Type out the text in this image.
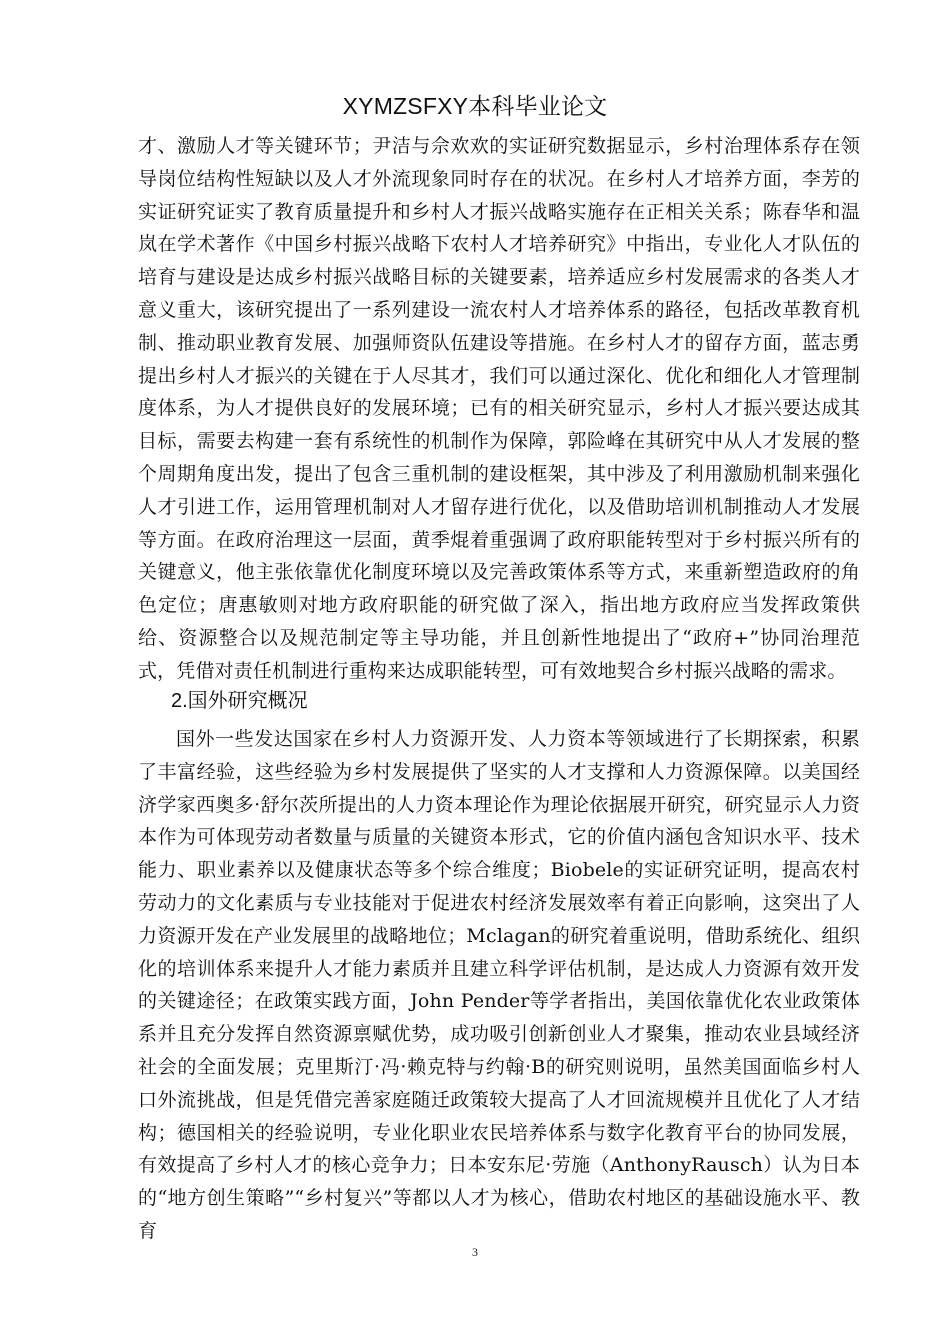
XYMZSFXY本科毕业论文

才、激励人才等关键环节；尹洁与佘欢欢的实证研究数据显示，乡村治理体系存在领导岗位结构性短缺以及人才外流现象同时存在的状况。在乡村人才培养方面，李芳的实证研究证实了教育质量提升和乡村人才振兴战略实施存在正相关关系；陈春华和温岚在学术著作《中国乡村振兴战略下农村人才培养研究》中指出，专业化人才队伍的培育与建设是达成乡村振兴战略目标的关键要素，培养适应乡村发展需求的各类人才意义重大，该研究提出了一系列建设一流农村人才培养体系的路径，包括改革教育机制、推动职业教育发展、加强师资队伍建设等措施。在乡村人才的留存方面，蓝志勇提出乡村人才振兴的关键在于人尽其才，我们可以通过深化、优化和细化人才管理制度体系，为人才提供良好的发展环境；已有的相关研究显示，乡村人才振兴要达成其目标，需要去构建一套有系统性的机制作为保障，郭险峰在其研究中从人才发展的整个周期角度出发，提出了包含三重机制的建设框架，其中涉及了利用激励机制来强化人才引进工作，运用管理机制对人才留存进行优化，以及借助培训机制推动人才发展等方面。在政府治理这一层面，黄季焜着重强调了政府职能转型对于乡村振兴所有的关键意义，他主张依靠优化制度环境以及完善政策体系等方式，来重新塑造政府的角色定位；唐惠敏则对地方政府职能的研究做了深入，指出地方政府应当发挥政策供给、资源整合以及规范制定等主导功能，并且创新性地提出了“政府+”协同治理范式，凭借对责任机制进行重构来达成职能转型，可有效地契合乡村振兴战略的需求。

2.国外研究概况

国外一些发达国家在乡村人力资源开发、人力资本等领域进行了长期探索，积累了丰富经验，这些经验为乡村发展提供了坚实的人才支撑和人力资源保障。以美国经济学家西奥多·舒尔茨所提出的人力资本理论作为理论依据展开研究，研究显示人力资本作为可体现劳动者数量与质量的关键资本形式，它的价值内涵包含知识水平、技术能力、职业素养以及健康状态等多个综合维度；Biobele的实证研究证明，提高农村劳动力的文化素质与专业技能对于促进农村经济发展效率有着正向影响，这突出了人力资源开发在产业发展里的战略地位；Mclagan的研究着重说明，借助系统化、组织化的培训体系来提升人才能力素质并且建立科学评估机制，是达成人力资源有效开发的关键途径；在政策实践方面，John Pender等学者指出，美国依靠优化农业政策体系并且充分发挥自然资源禀赋优势，成功吸引创新创业人才聚集，推动农业县域经济社会的全面发展；克里斯汀·冯·赖克特与约翰·B的研究则说明，虽然美国面临乡村人口外流挑战，但是凭借完善家庭随迁政策较大提高了人才回流规模并且优化了人才结构；德国相关的经验说明，专业化职业农民培养体系与数字化教育平台的协同发展，有效提高了乡村人才的核心竞争力；日本安东尼·劳施（AnthonyRausch）认为日本的“地方创生策略”“乡村复兴”等都以人才为核心，借助农村地区的基础设施水平、教育

3
